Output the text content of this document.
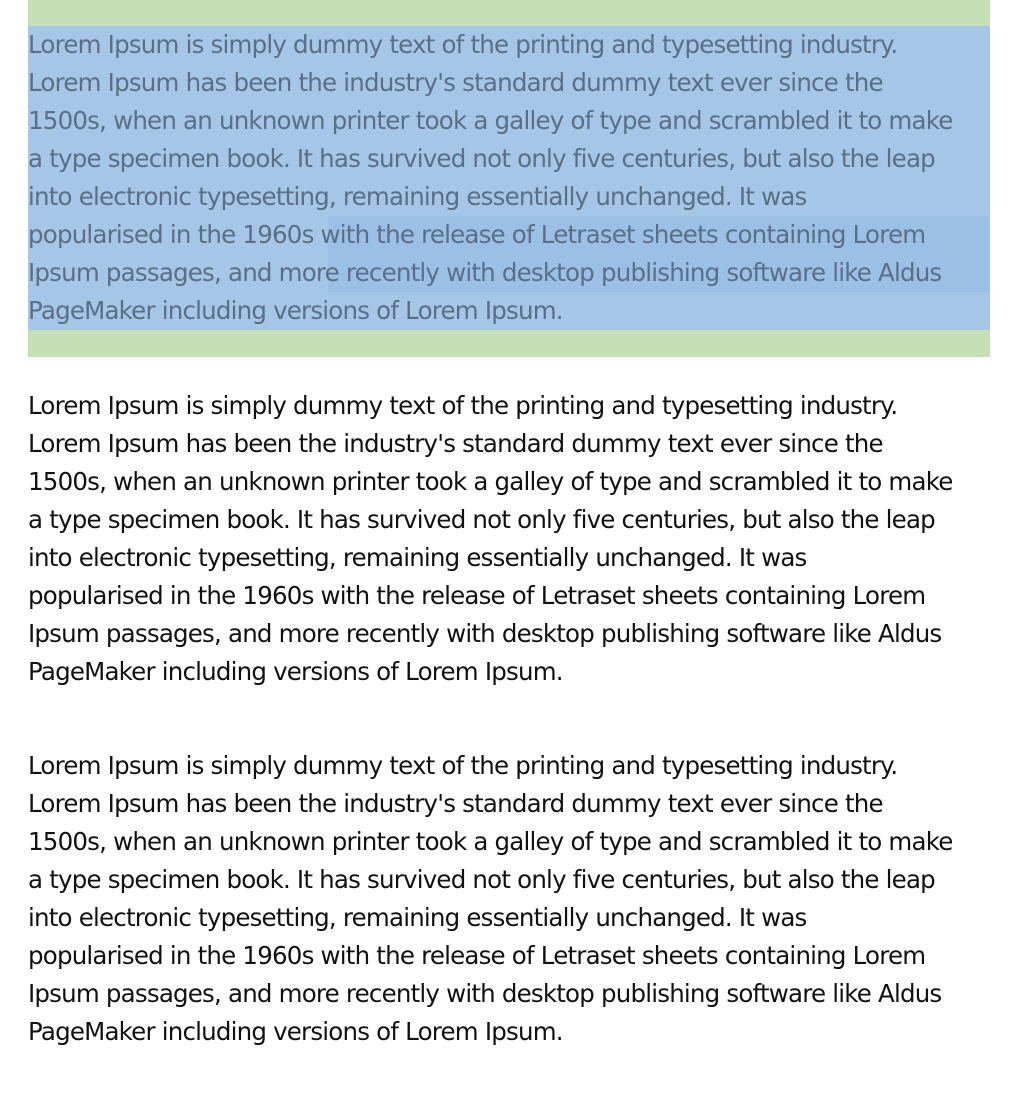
Lorem Ipsum is simply dummy text of the printing and typesetting industry.
Lorem Ipsum has been the industry's standard dummy text ever since the
1500s, when an unknown printer took a galley of type and scrambled it to make
a type specimen book. It has survived not only five centuries, but also the leap
into electronic typesetting, remaining essentially unchanged. It was
popularised in the 1960s with the release of Letraset sheets containing Lorem
Ipsum passages, and more recently with desktop publishing software like Aldus
PageMaker including versions of Lorem Ipsum.

Lorem Ipsum is simply dummy text of the printing and typesetting industry.
Lorem Ipsum has been the industry's standard dummy text ever since the
1500s, when an unknown printer took a galley of type and scrambled it to make
a type specimen book. It has survived not only five centuries, but also the leap
into electronic typesetting, remaining essentially unchanged. It was
popularised in the 1960s with the release of Letraset sheets containing Lorem
Ipsum passages, and more recently with desktop publishing software like Aldus
PageMaker including versions of Lorem Ipsum.

Lorem Ipsum is simply dummy text of the printing and typesetting industry.
Lorem Ipsum has been the industry's standard dummy text ever since the
1500s, when an unknown printer took a galley of type and scrambled it to make
a type specimen book. It has survived not only five centuries, but also the leap
into electronic typesetting, remaining essentially unchanged. It was
popularised in the 1960s with the release of Letraset sheets containing Lorem
Ipsum passages, and more recently with desktop publishing software like Aldus
PageMaker including versions of Lorem Ipsum.
